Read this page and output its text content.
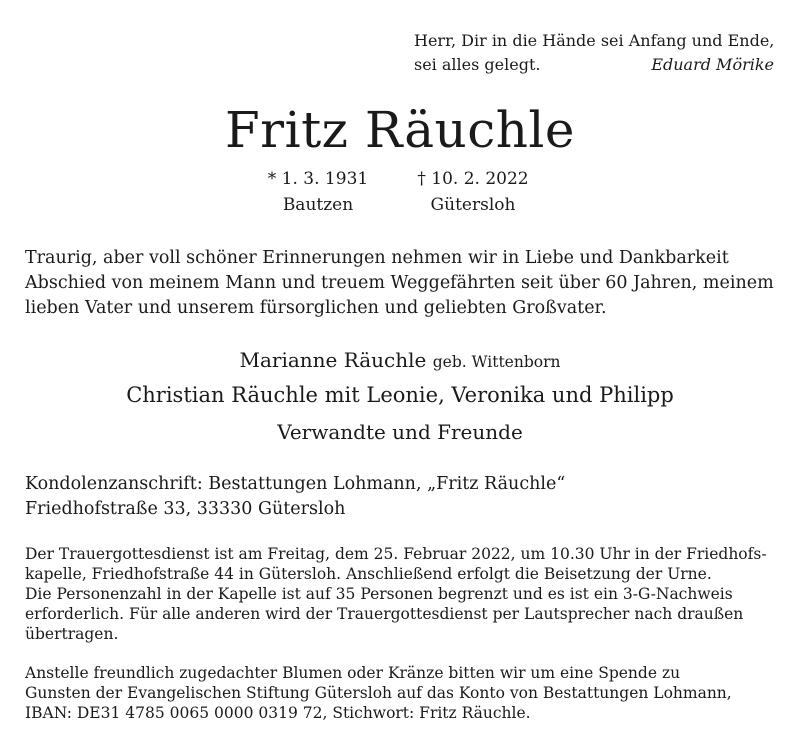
Herr, Dir in die Hände sei Anfang und Ende,
sei alles gelegt.	Eduard Mörike
Fritz Räuchle
* 1. 3. 1931
Bautzen
† 10. 2. 2022
Gütersloh
Traurig, aber voll schöner Erinnerungen nehmen wir in Liebe und Dankbarkeit
Abschied von meinem Mann und treuem Weggefährten seit über 60 Jahren, meinem
lieben Vater und unserem fürsorglichen und geliebten Großvater.
Marianne Räuchle geb. Wittenborn
Christian Räuchle mit Leonie, Veronika und Philipp
Verwandte und Freunde
Kondolenzanschrift: Bestattungen Lohmann, „Fritz Räuchle“
Friedhofstraße 33, 33330 Gütersloh
Der Trauergottesdienst ist am Freitag, dem 25. Februar 2022, um 10.30 Uhr in der Friedhofs-
kapelle, Friedhofstraße 44 in Gütersloh. Anschließend erfolgt die Beisetzung der Urne.
Die Personenzahl in der Kapelle ist auf 35 Personen begrenzt und es ist ein 3-G-Nachweis
erforderlich. Für alle anderen wird der Trauergottesdienst per Lautsprecher nach draußen
übertragen.
Anstelle freundlich zugedachter Blumen oder Kränze bitten wir um eine Spende zu
Gunsten der Evangelischen Stiftung Gütersloh auf das Konto von Bestattungen Lohmann,
IBAN: DE31 4785 0065 0000 0319 72, Stichwort: Fritz Räuchle.
